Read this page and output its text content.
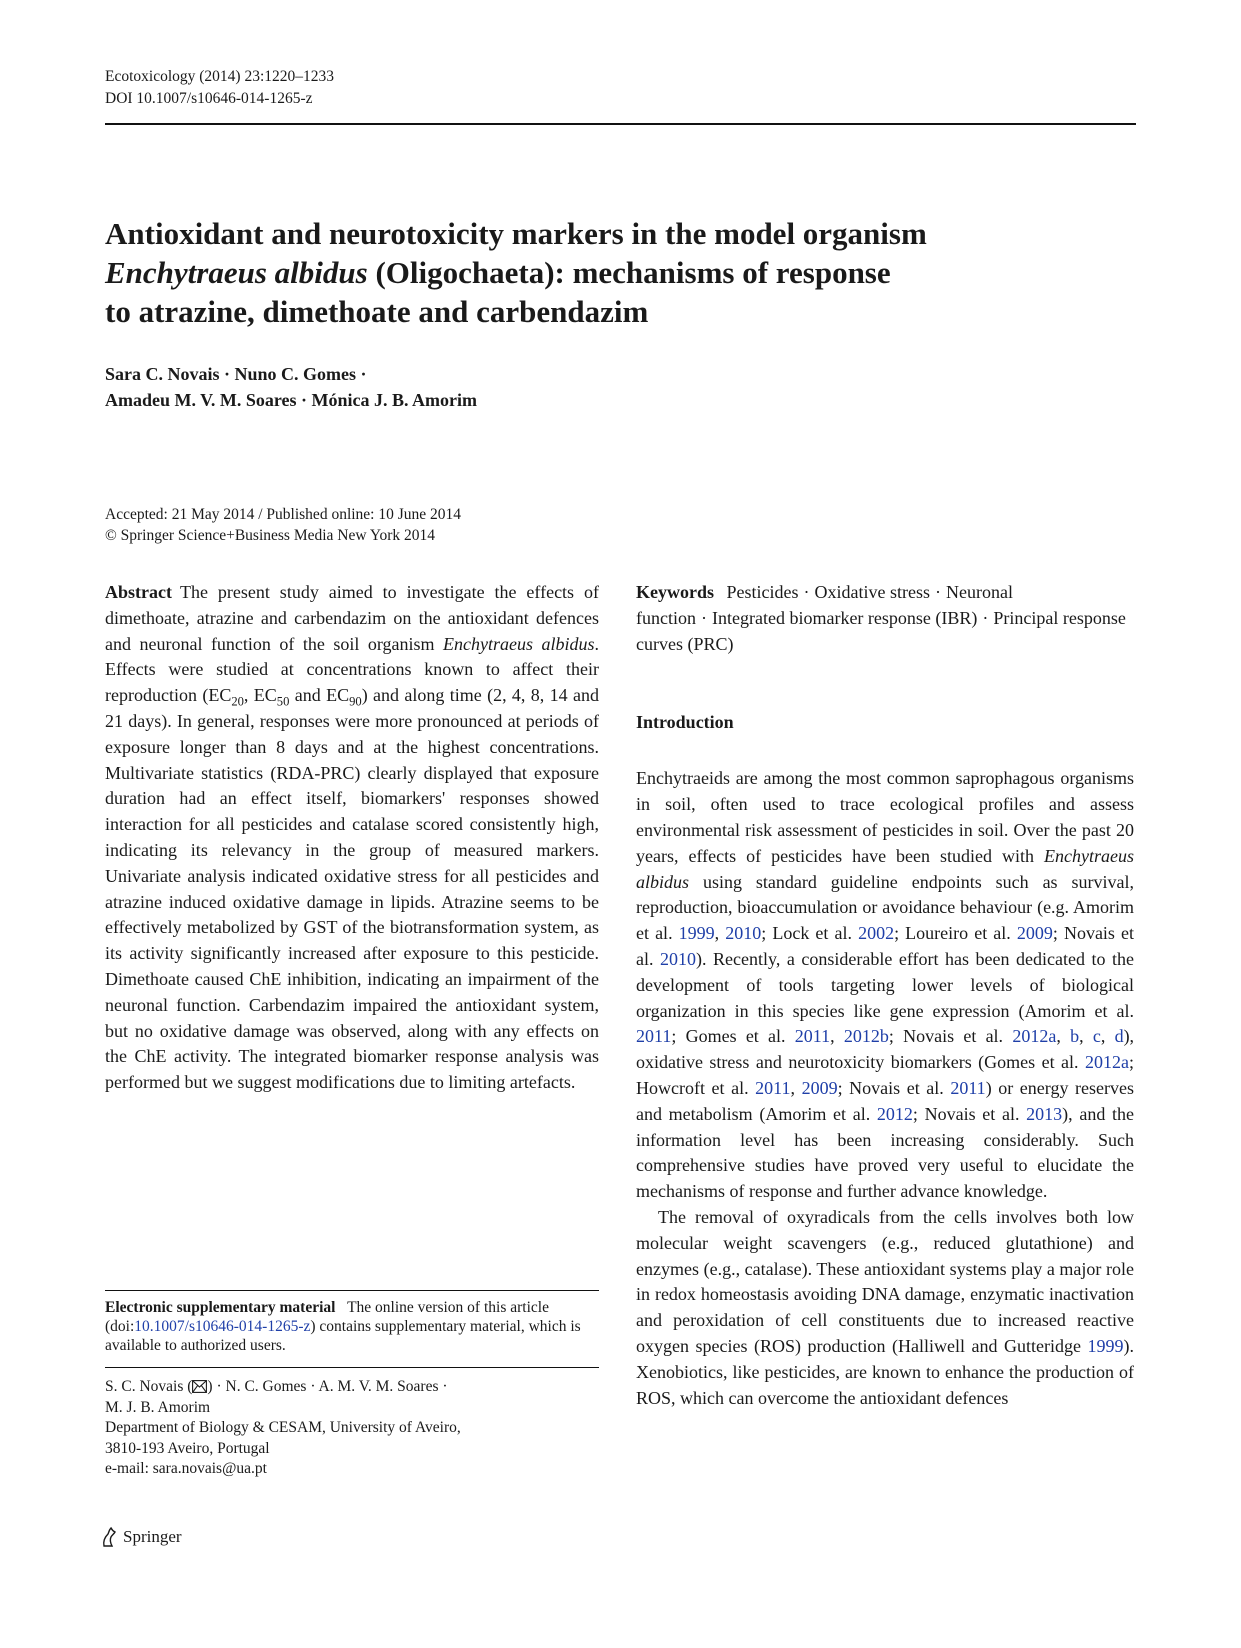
Ecotoxicology (2014) 23:1220–1233
DOI 10.1007/s10646-014-1265-z
Antioxidant and neurotoxicity markers in the model organism
Enchytraeus albidus (Oligochaeta): mechanisms of response
to atrazine, dimethoate and carbendazim
Sara C. Novais · Nuno C. Gomes ·
Amadeu M. V. M. Soares · Mónica J. B. Amorim
Accepted: 21 May 2014 / Published online: 10 June 2014
© Springer Science+Business Media New York 2014

Abstract The present study aimed to investigate the effects of dimethoate, atrazine and carbendazim on the antioxidant defences and neuronal function of the soil organism Enchytraeus albidus. Effects were studied at concentrations known to affect their reproduction ($EC_{20}$, $EC_{50}$ and $EC_{90}$) and along time (2, 4, 8, 14 and 21 days). In general, responses were more pronounced at periods of exposure longer than 8 days and at the highest concentrations. Multivariate statistics (RDA-PRC) clearly displayed that exposure duration had an effect itself, biomarkers' responses showed interaction for all pesticides and catalase scored consistently high, indicating its relevancy in the group of measured markers. Univariate analysis indicated oxidative stress for all pesticides and atrazine induced oxidative damage in lipids. Atrazine seems to be effectively metabolized by GST of the biotransformation system, as its activity significantly increased after exposure to this pesticide. Dimethoate caused ChE inhibition, indicating an impairment of the neuronal function. Carbendazim impaired the antioxidant system, but no oxidative damage was observed, along with any effects on the ChE activity. The integrated biomarker response analysis was performed but we suggest modifications due to limiting artefacts.

Electronic supplementary material The online version of this article (doi:10.1007/s10646-014-1265-z) contains supplementary material, which is available to authorized users.
S. C. Novais ( ) · N. C. Gomes · A. M. V. M. Soares ·
M. J. B. Amorim
Department of Biology & CESAM, University of Aveiro,
3810-193 Aveiro, Portugal
e-mail: sara.novais@ua.pt

Keywords Pesticides · Oxidative stress · Neuronal function · Integrated biomarker response (IBR) · Principal response curves (PRC)

Introduction

Enchytraeids are among the most common saprophagous organisms in soil, often used to trace ecological profiles and assess environmental risk assessment of pesticides in soil. Over the past 20 years, effects of pesticides have been studied with Enchytraeus albidus using standard guideline endpoints such as survival, reproduction, bioaccumulation or avoidance behaviour (e.g. Amorim et al. 1999, 2010; Lock et al. 2002; Loureiro et al. 2009; Novais et al. 2010). Recently, a considerable effort has been dedicated to the development of tools targeting lower levels of biological organization in this species like gene expression (Amorim et al. 2011; Gomes et al. 2011, 2012b; Novais et al. 2012a, b, c, d), oxidative stress and neurotoxicity biomarkers (Gomes et al. 2012a; Howcroft et al. 2011, 2009; Novais et al. 2011) or energy reserves and metabolism (Amorim et al. 2012; Novais et al. 2013), and the information level has been increasing considerably. Such comprehensive studies have proved very useful to elucidate the mechanisms of response and further advance knowledge.

The removal of oxyradicals from the cells involves both low molecular weight scavengers (e.g., reduced glutathione) and enzymes (e.g., catalase). These antioxidant systems play a major role in redox homeostasis avoiding DNA damage, enzymatic inactivation and peroxidation of cell constituents due to increased reactive oxygen species (ROS) production (Halliwell and Gutteridge 1999). Xenobiotics, like pesticides, are known to enhance the production of ROS, which can overcome the antioxidant defences

Springer
